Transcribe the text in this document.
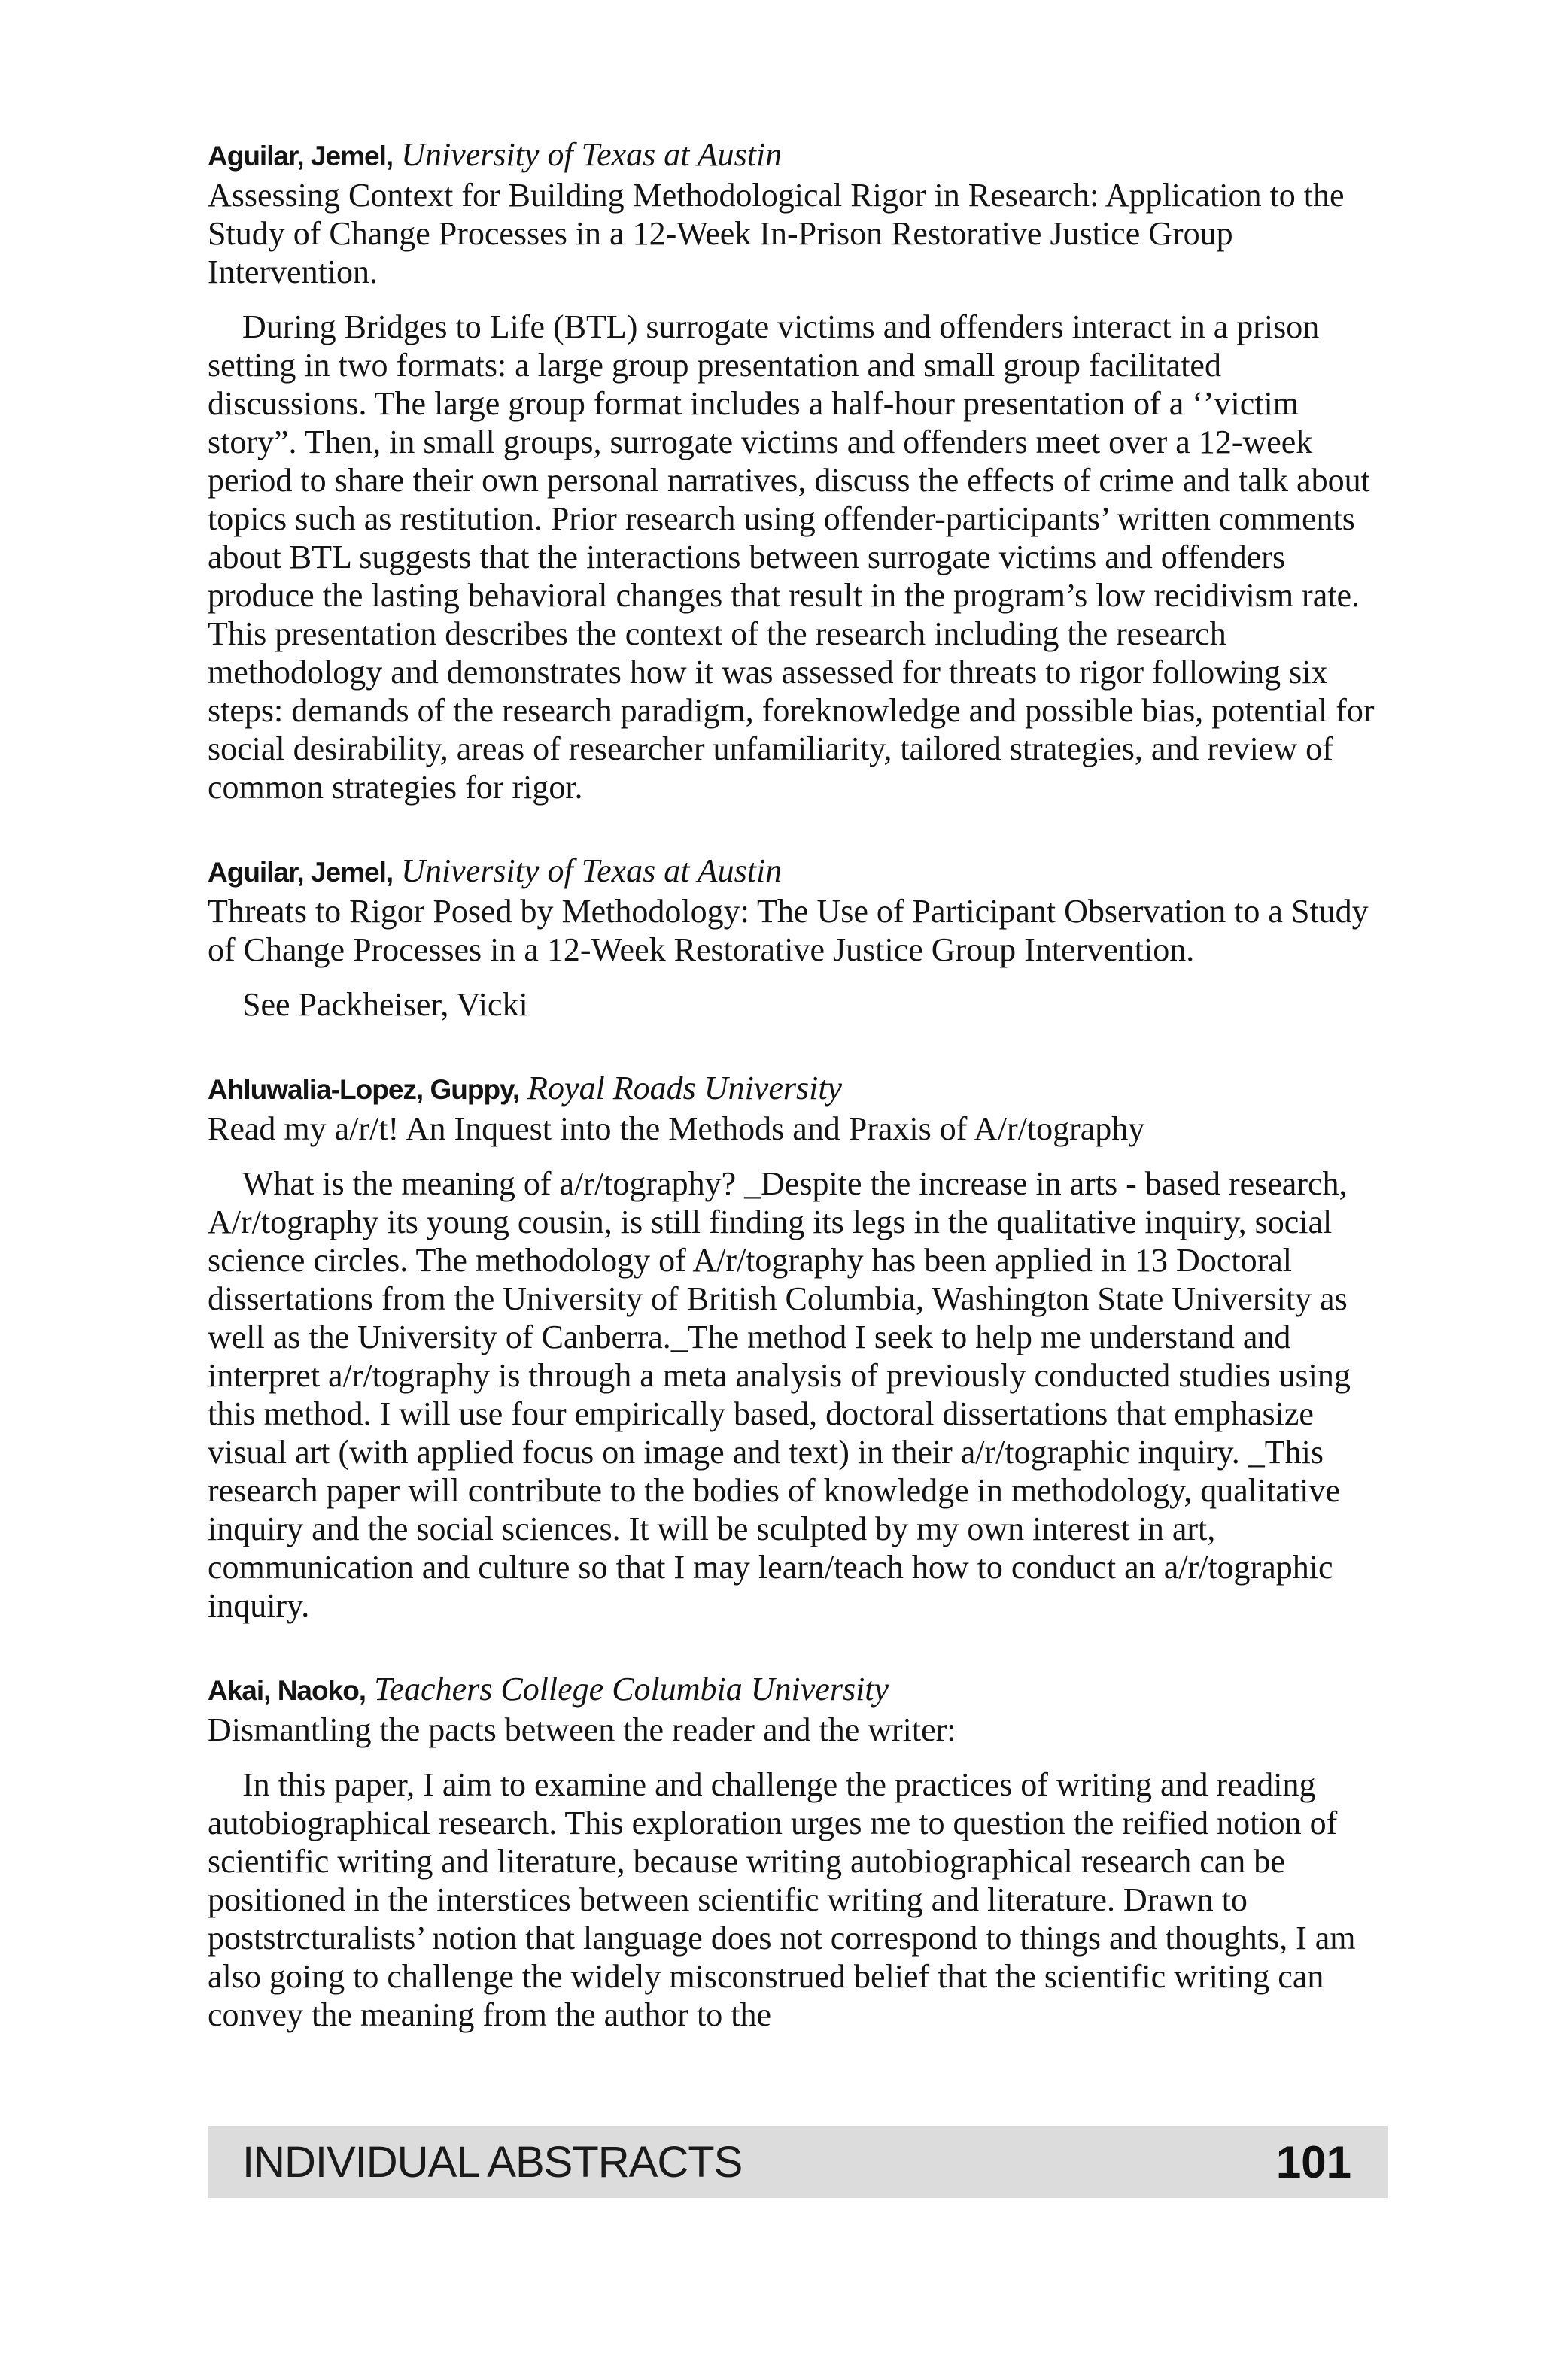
Aguilar, Jemel, University of Texas at Austin

Assessing Context for Building Methodological Rigor in Research: Application to the Study of Change Processes in a 12-Week In-Prison Restorative Justice Group Intervention.

During Bridges to Life (BTL) surrogate victims and offenders interact in a prison setting in two formats: a large group presentation and small group facilitated discussions. The large group format includes a half-hour presentation of a ‘’victim story”. Then, in small groups, surrogate victims and offenders meet over a 12-week period to share their own personal narratives, discuss the effects of crime and talk about topics such as restitution. Prior research using offender-participants’ written comments about BTL suggests that the interactions between surrogate victims and offenders produce the lasting behavioral changes that result in the program’s low recidivism rate. This presentation describes the context of the research including the research methodology and demonstrates how it was assessed for threats to rigor following six steps: demands of the research paradigm, foreknowledge and possible bias, potential for social desirability, areas of researcher unfamiliarity, tailored strategies, and review of common strategies for rigor.

Aguilar, Jemel, University of Texas at Austin

Threats to Rigor Posed by Methodology: The Use of Participant Observation to a Study of Change Processes in a 12-Week Restorative Justice Group Intervention.

See Packheiser, Vicki

Ahluwalia-Lopez, Guppy, Royal Roads University

Read my a/r/t! An Inquest into the Methods and Praxis of A/r/tography

What is the meaning of a/r/tography? _Despite the increase in arts - based research, A/r/tography its young cousin, is still finding its legs in the qualitative inquiry, social science circles. The methodology of A/r/tography has been applied in 13 Doctoral dissertations from the University of British Columbia, Washington State University as well as the University of Canberra._The method I seek to help me understand and interpret a/r/tography is through a meta analysis of previously conducted studies using this method. I will use four empirically based, doctoral dissertations that emphasize visual art (with applied focus on image and text) in their a/r/tographic inquiry. _This research paper will contribute to the bodies of knowledge in methodology, qualitative inquiry and the social sciences. It will be sculpted by my own interest in art, communication and culture so that I may learn/teach how to conduct an a/r/tographic inquiry.

Akai, Naoko, Teachers College Columbia University

Dismantling the pacts between the reader and the writer:

In this paper, I aim to examine and challenge the practices of writing and reading autobiographical research. This exploration urges me to question the reified notion of scientific writing and literature, because writing autobiographical research can be positioned in the interstices between scientific writing and literature. Drawn to poststrcturalists’ notion that language does not correspond to things and thoughts, I am also going to challenge the widely misconstrued belief that the scientific writing can convey the meaning from the author to the

INDIVIDUAL ABSTRACTS	101
